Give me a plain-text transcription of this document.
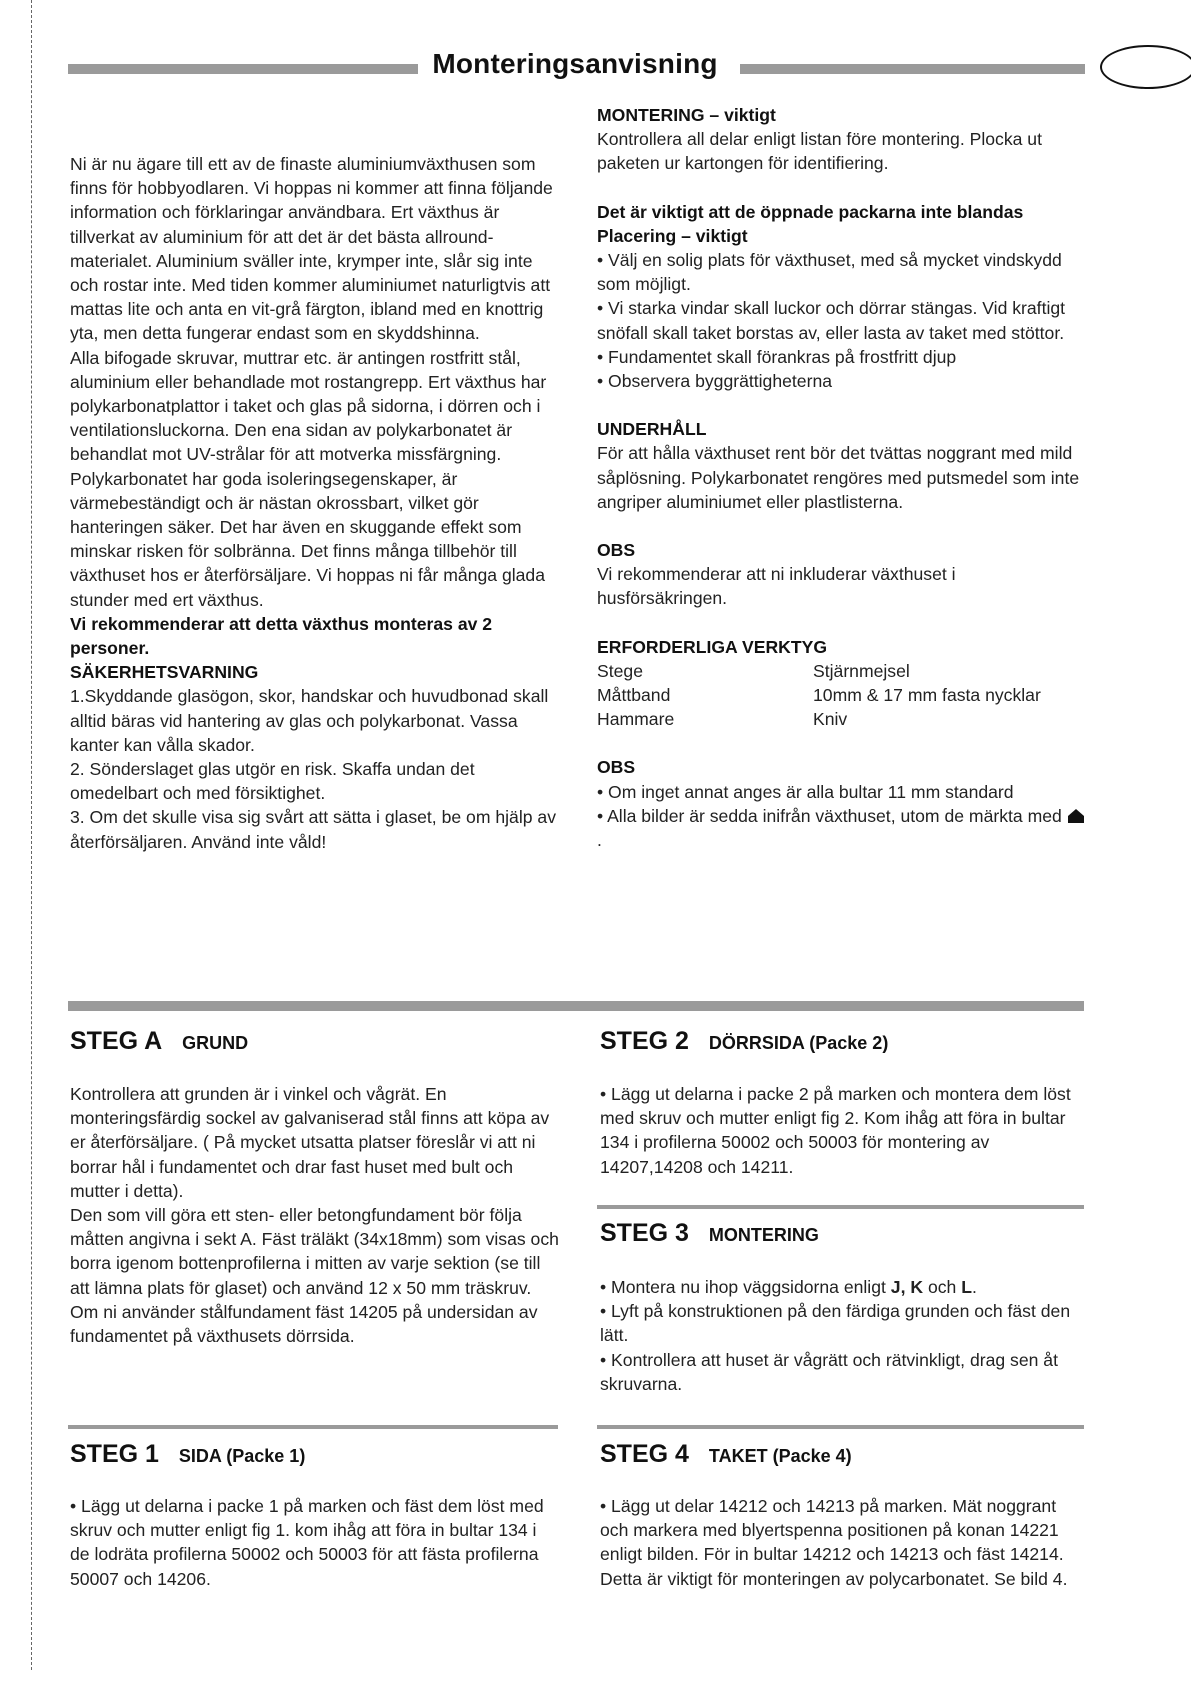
Monteringsanvisning

Ni är nu ägare till ett av de finaste aluminiumväxthusen som finns för hobbyodlaren. Vi hoppas ni kommer att finna följande information och förklaringar användbara. Ert växthus är tillverkat av aluminium för att det är det bästa allround-materialet. Aluminium sväller inte, krymper inte, slår sig inte och rostar inte. Med tiden kommer aluminiumet naturligtvis att mattas lite och anta en vit-grå färgton, ibland med en knottrig yta, men detta fungerar endast som en skyddshinna.

Alla bifogade skruvar, muttrar etc. är antingen rostfritt stål, aluminium eller behandlade mot rostangrepp. Ert växthus har polykarbonatplattor i taket och glas på sidorna, i dörren och i ventilationsluckorna. Den ena sidan av polykarbonatet är behandlat mot UV-strålar för att motverka missfärgning. Polykarbonatet har goda isoleringsegenskaper, är värmebeständigt och är nästan okrossbart, vilket gör hanteringen säker. Det har även en skuggande effekt som minskar risken för solbränna. Det finns många tillbehör till växthuset hos er återförsäljare. Vi hoppas ni får många glada stunder med ert växthus.

Vi rekommenderar att detta växthus monteras av 2 personer.

SÄKERHETSVARNING

1.Skyddande glasögon, skor, handskar och huvudbonad skall alltid bäras vid hantering av glas och polykarbonat. Vassa kanter kan vålla skador.

2. Sönderslaget glas utgör en risk. Skaffa undan det omedelbart och med försiktighet.

3. Om det skulle visa sig svårt att sätta i glaset, be om hjälp av återförsäljaren. Använd inte våld!

MONTERING – viktigt

Kontrollera all delar enligt listan före montering. Plocka ut paketen ur kartongen för identifiering.

Det är viktigt att de öppnade packarna inte blandas

Placering – viktigt

• Välj en solig plats för växthuset, med så mycket vindskydd som möjligt.

• Vi starka vindar skall luckor och dörrar stängas. Vid kraftigt snöfall skall taket borstas av, eller lasta av taket med stöttor.

• Fundamentet skall förankras på frostfritt djup

• Observera byggrättigheterna

UNDERHÅLL

För att hålla växthuset rent bör det tvättas noggrant med mild såplösning. Polykarbonatet rengöres med putsmedel som inte angriper aluminiumet eller plastlisterna.

OBS

Vi rekommenderar att ni inkluderar växthuset i husförsäkringen.

ERFORDERLIGA VERKTYG

Stege	Stjärnmejsel
Måttband	10mm & 17 mm fasta nycklar
Hammare	Kniv

OBS

• Om inget annat anges är alla bultar 11 mm standard

• Alla bilder är sedda inifrån växthuset, utom de märkta med .

STEG A GRUND

Kontrollera att grunden är i vinkel och vågrät. En monteringsfärdig sockel av galvaniserad stål finns att köpa av er återförsäljare. ( På mycket utsatta platser föreslår vi att ni borrar hål i fundamentet och drar fast huset med bult och mutter i detta).

Den som vill göra ett sten- eller betongfundament bör följa måtten angivna i sekt A. Fäst träläkt (34x18mm) som visas och borra igenom bottenprofilerna i mitten av varje sektion (se till att lämna plats för glaset) och använd 12 x 50 mm träskruv. Om ni använder stålfundament fäst 14205 på undersidan av fundamentet på växthusets dörrsida.

STEG 1 SIDA (Packe 1)

• Lägg ut delarna i packe 1 på marken och fäst dem löst med skruv och mutter enligt fig 1. kom ihåg att föra in bultar 134 i de lodräta profilerna 50002 och 50003 för att fästa profilerna 50007 och 14206.

STEG 2 DÖRRSIDA (Packe 2)

• Lägg ut delarna i packe 2 på marken och montera dem löst med skruv och mutter enligt fig 2. Kom ihåg att föra in bultar 134 i profilerna 50002 och 50003 för montering av 14207,14208 och 14211.

STEG 3 MONTERING

• Montera nu ihop väggsidorna enligt J, K och L.

• Lyft på konstruktionen på den färdiga grunden och fäst den lätt.

• Kontrollera att huset är vågrätt och rätvinkligt, drag sen åt skruvarna.

STEG 4 TAKET (Packe 4)

• Lägg ut delar 14212 och 14213 på marken. Mät noggrant och markera med blyertspenna positionen på konan 14221 enligt bilden. För in bultar 14212 och 14213 och fäst 14214. Detta är viktigt för monteringen av polycarbonatet. Se bild 4.
